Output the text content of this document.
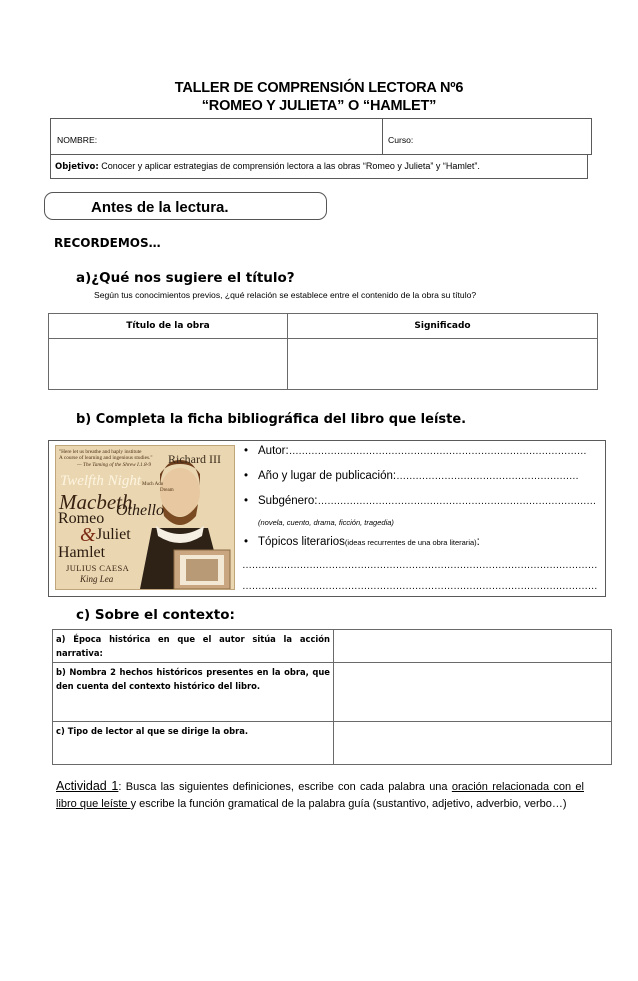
TALLER DE COMPRENSIÓN LECTORA Nº6
“ROMEO Y JULIETA” O “HAMLET”
NOMBRE:	Curso:
Objetivo: Conocer y aplicar estrategias de comprensión lectora a las obras “Romeo y Julieta” y “Hamlet”.
Antes de la lectura.
RECORDEMOS…
a)¿Qué nos sugiere el título?
Según tus conocimientos previos, ¿qué relación se establece entre el contenido de la obra su título?
Título de la obra	Significado

b) Completa la ficha bibliográfica del libro que leíste.
"Here let us breathe and haply institute
A course of learning and ingenious studies."
— The Taming of the Shrew I.1.8-9 Richard III
Twelfth Night
Macbeth
Much Ado
Dream
Romeo Othello
& Juliet
Hamlet
JULIUS CAESA
King Lea
• Autor:…………………………………………………………………………………
• Año y lugar de publicación:…………………………………………………
• Subgénero:……………………………………………………………………………
(novela, cuento, drama, ficción, tragedia)
• Tópicos literarios(ideas recurrentes de una obra literaria):
…………………………………………………………………………………………………
…………………………………………………………………………………………………
c) Sobre el contexto:
a) Época histórica en que el autor sitúa la acción narrativa:	
b) Nombra 2 hechos históricos presentes en la obra, que den cuenta del contexto histórico del libro.	
c) Tipo de lector al que se dirige la obra.	
Actividad 1: Busca las siguientes definiciones, escribe con cada palabra una oración relacionada con el libro que leíste y escribe la función gramatical de la palabra guía (sustantivo, adjetivo, adverbio, verbo…)
